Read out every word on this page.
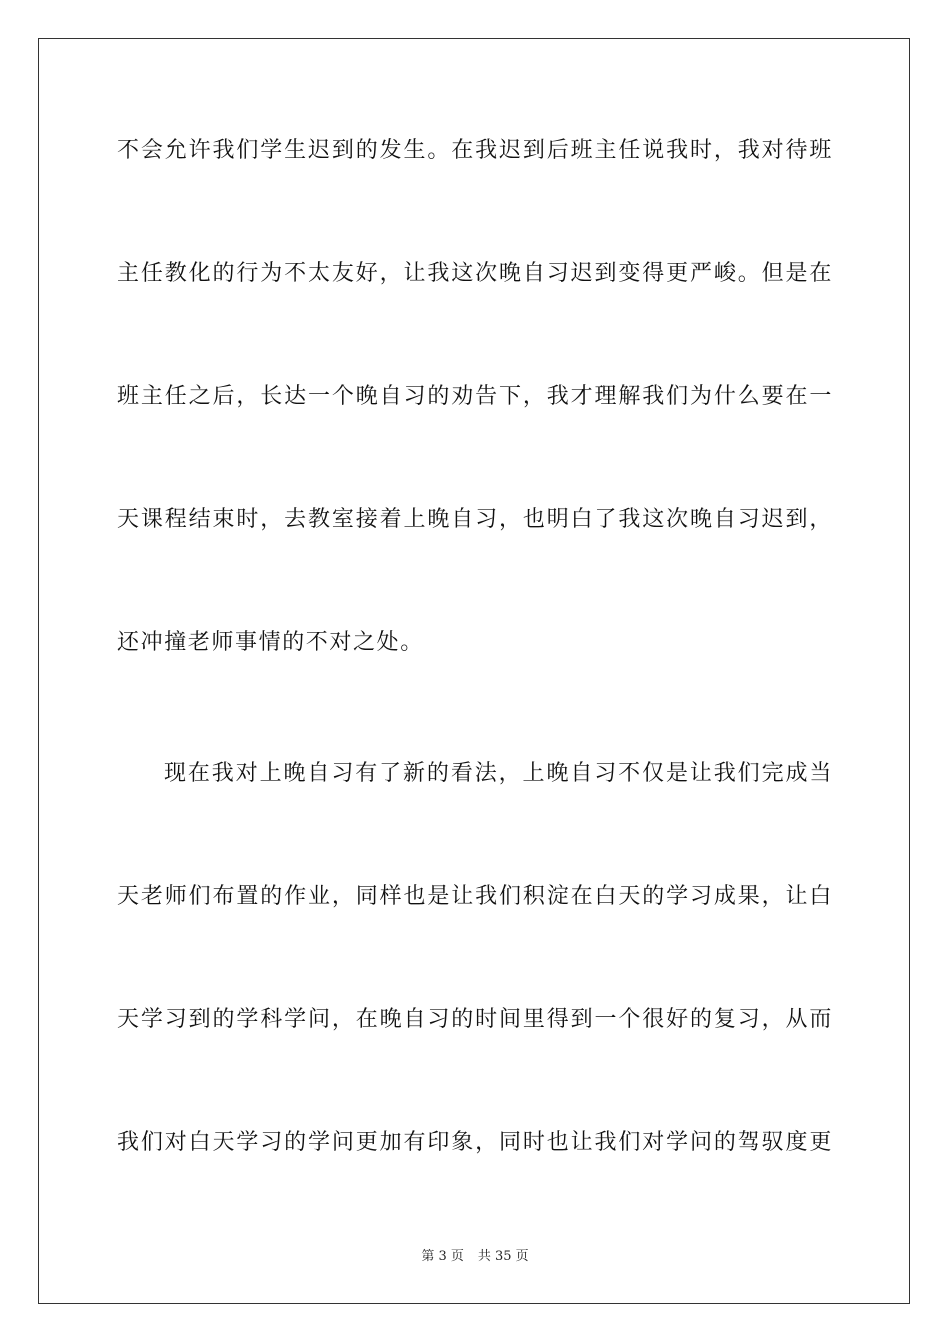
不会允许我们学生迟到的发生。在我迟到后班主任说我时，我对待班
主任教化的行为不太友好，让我这次晚自习迟到变得更严峻。但是在
班主任之后，长达一个晚自习的劝告下，我才理解我们为什么要在一
天课程结束时，去教室接着上晚自习，也明白了我这次晚自习迟到，
还冲撞老师事情的不对之处。
现在我对上晚自习有了新的看法，上晚自习不仅是让我们完成当
天老师们布置的作业，同样也是让我们积淀在白天的学习成果，让白
天学习到的学科学问，在晚自习的时间里得到一个很好的复习，从而
我们对白天学习的学问更加有印象，同时也让我们对学问的驾驭度更
第 3 页 共 35 页
